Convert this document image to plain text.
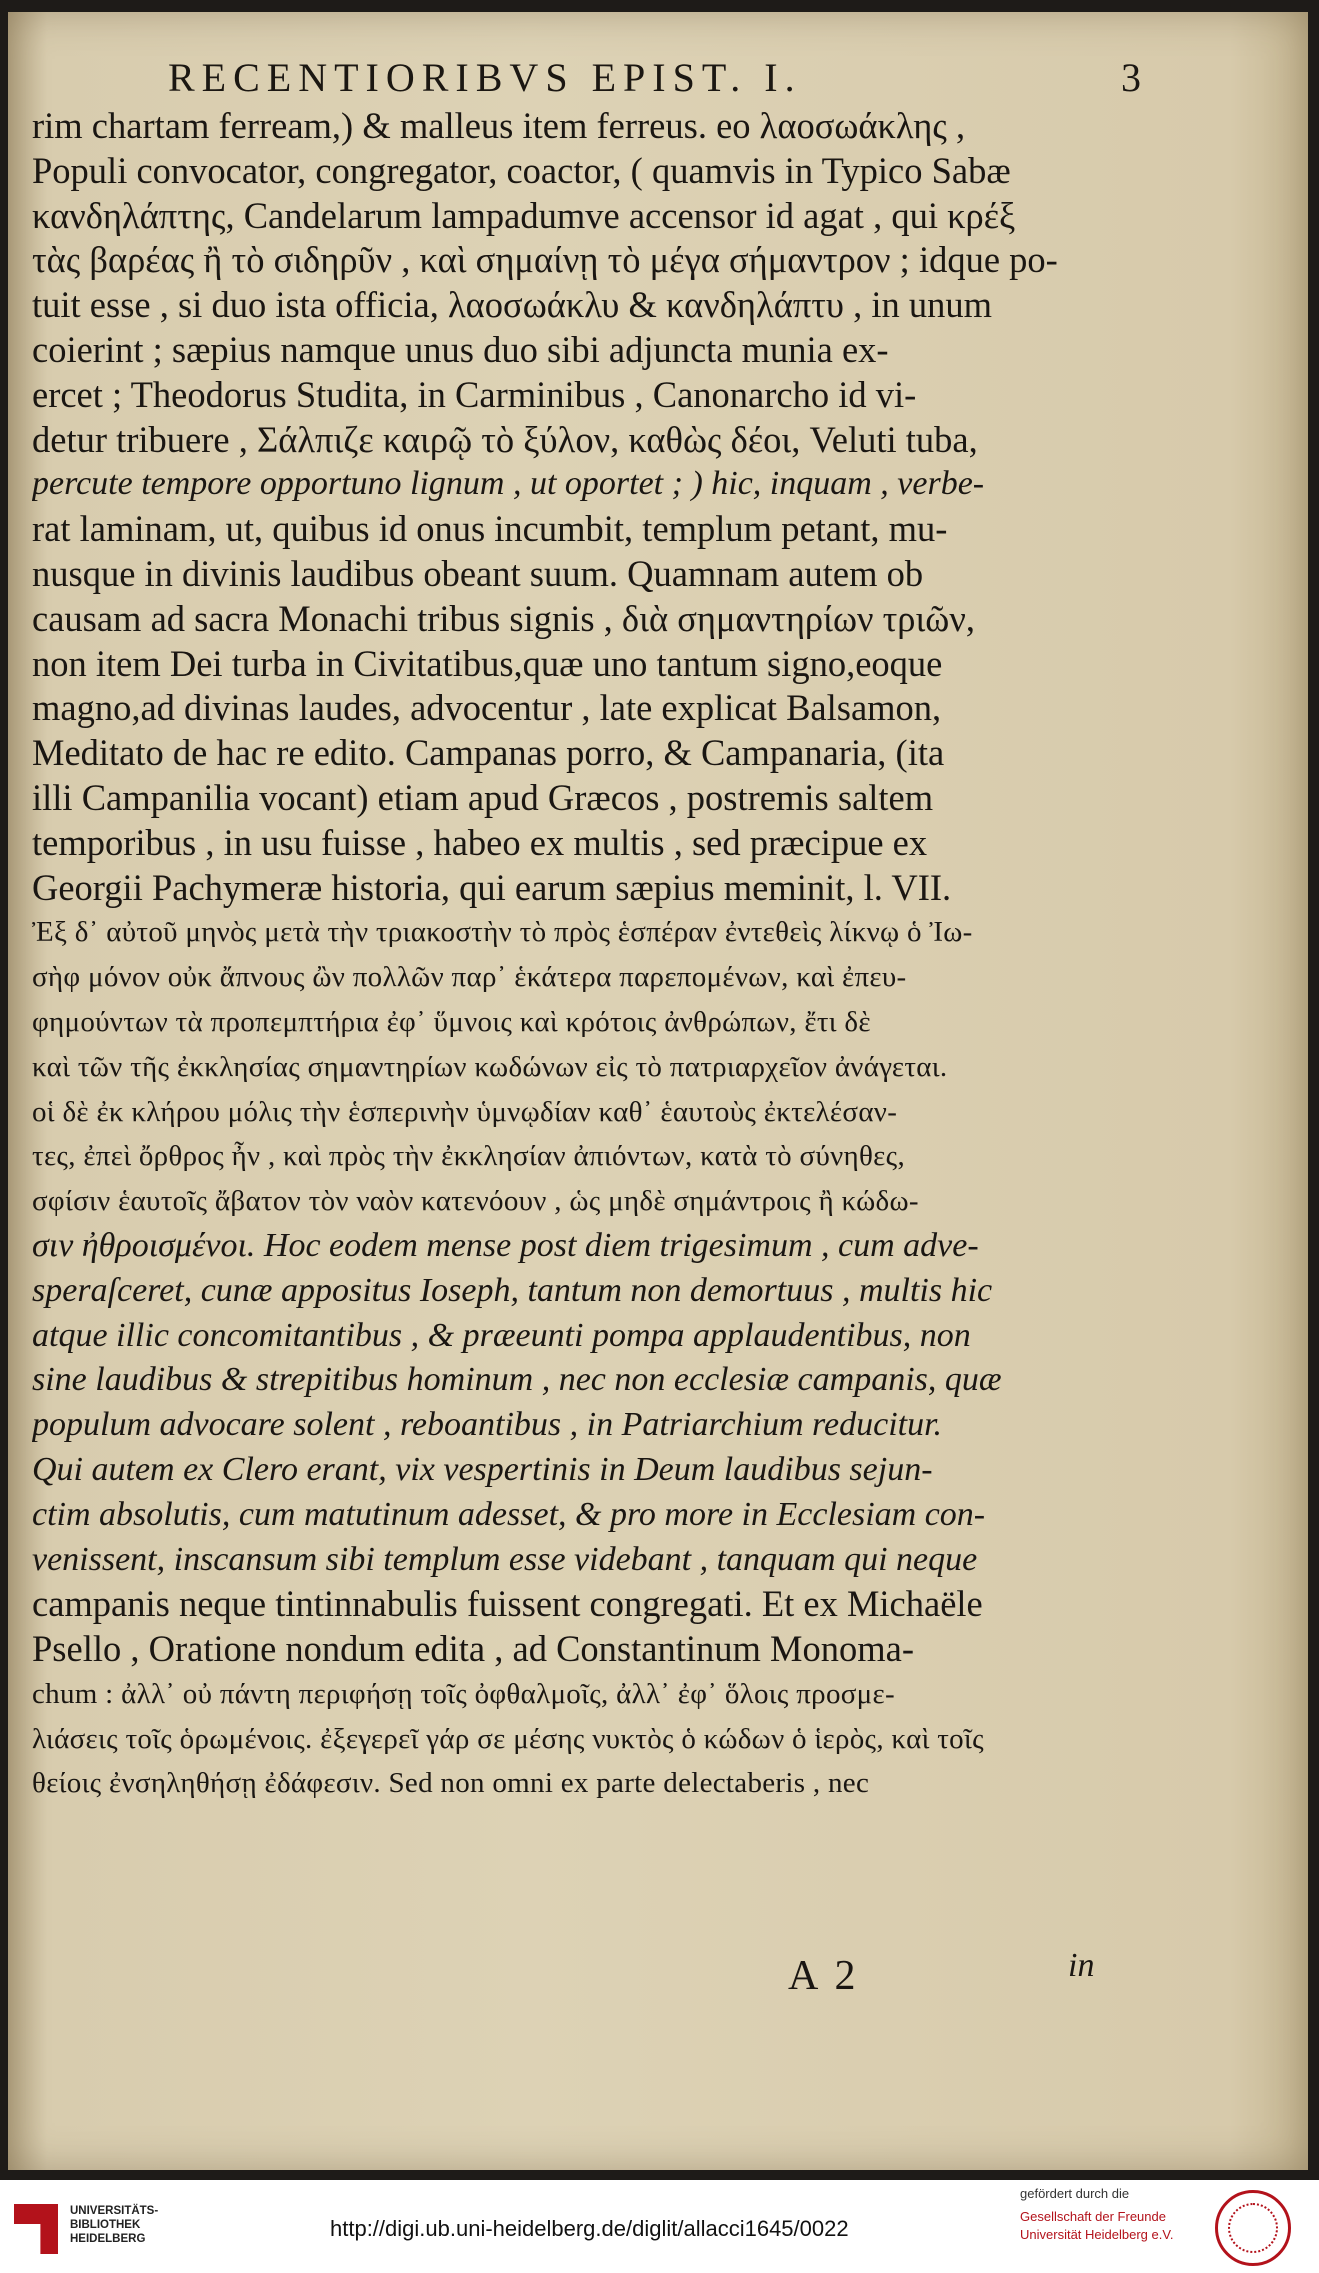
RECENTIORIBVS EPIST. I.	3
rim chartam ferream,) & malleus item ferreus. eo λαοσωάκλης ,
Populi convocator, congregator, coactor, ( quamvis in Typico Sabæ
κανδηλάπτης, Candelarum lampadumve accensor id agat , qui κρέξ
τὰς βαρέας ἢ τὸ σιδηρῦν , καὶ σημαίνῃ τὸ μέγα σήμαντρον ; idque po-
tuit esse , si duo ista officia, λαοσωάκλυ & κανδηλάπτυ , in unum
coierint ; sæpius namque unus duo sibi adjuncta munia ex-
ercet ; Theodorus Studita, in Carminibus , Canonarcho id vi-
detur tribuere , Σάλπιζε καιρῷ τὸ ξύλον, καθὼς δέοι, Veluti tuba,
percute tempore opportuno lignum , ut oportet ; ) hic, inquam , verbe-
rat laminam, ut, quibus id onus incumbit, templum petant, mu-
nusque in divinis laudibus obeant suum. Quamnam autem ob
causam ad sacra Monachi tribus signis , διὰ σημαντηρίων τριῶν,
non item Dei turba in Civitatibus,quæ uno tantum signo,eoque
magno,ad divinas laudes, advocentur , late explicat Balsamon,
Meditato de hac re edito. Campanas porro, & Campanaria, (ita
illi Campanilia vocant) etiam apud Græcos , postremis saltem
temporibus , in usu fuisse , habeo ex multis , sed præcipue ex
Georgii Pachymeræ historia, qui earum sæpius meminit, l. VII.
Ἐξ δ᾽ αὐτοῦ μηνὸς μετὰ τὴν τριακοστὴν τὸ πρὸς ἑσπέραν ἐντεθεὶς λίκνῳ ὁ Ἰω-
σὴφ μόνον οὐκ ἄπνους ὢν πολλῶν παρ᾽ ἑκάτερα παρεπομένων, καὶ ἐπευ-
φημούντων τὰ προπεμπτήρια ἐφ᾽ ὕμνοις καὶ κρότοις ἀνθρώπων, ἔτι δὲ
καὶ τῶν τῆς ἐκκλησίας σημαντηρίων κωδώνων εἰς τὸ πατριαρχεῖον ἀνάγεται.
οἱ δὲ ἐκ κλήρου μόλις τὴν ἑσπερινὴν ὑμνῳδίαν καθ᾽ ἑαυτοὺς ἐκτελέσαν-
τες, ἐπεὶ ὄρθρος ἦν , καὶ πρὸς τὴν ἐκκλησίαν ἀπιόντων, κατὰ τὸ σύνηθες,
σφίσιν ἑαυτοῖς ἄβατον τὸν ναὸν κατενόουν , ὡς μηδὲ σημάντροις ἢ κώδω-
σιν ἠθροισμένοι. Hoc eodem mense post diem trigesimum , cum adve-
speraſceret, cunæ appositus Ioseph, tantum non demortuus , multis hic
atque illic concomitantibus , & præeunti pompa applaudentibus, non
sine laudibus & strepitibus hominum , nec non ecclesiæ campanis, quæ
populum advocare solent , reboantibus , in Patriarchium reducitur.
Qui autem ex Clero erant, vix vespertinis in Deum laudibus sejun-
ctim absolutis, cum matutinum adesset, & pro more in Ecclesiam con-
venissent, inscansum sibi templum esse videbant , tanquam qui neque
campanis neque tintinnabulis fuissent congregati. Et ex Michaële
Psello , Oratione nondum edita , ad Constantinum Monoma-
chum : ἀλλ᾽ οὐ πάντη περιφήσῃ τοῖς ὀφθαλμοῖς, ἀλλ᾽ ἐφ᾽ ὅλοις προσμε-
λιάσεις τοῖς ὁρωμένοις. ἐξεγερεῖ γάρ σε μέσης νυκτὸς ὁ κώδων ὁ ἱερὸς, καὶ τοῖς
θείοις ἐνσηληθήσῃ ἐδάφεσιν. Sed non omni ex parte delectaberis , nec
A 2	in
UNIVERSITÄTS-
BIBLIOTHEK
HEIDELBERG	http://digi.ub.uni-heidelberg.de/diglit/allacci1645/0022
gefördert durch die
Gesellschaft der Freunde
Universität Heidelberg e.V.
